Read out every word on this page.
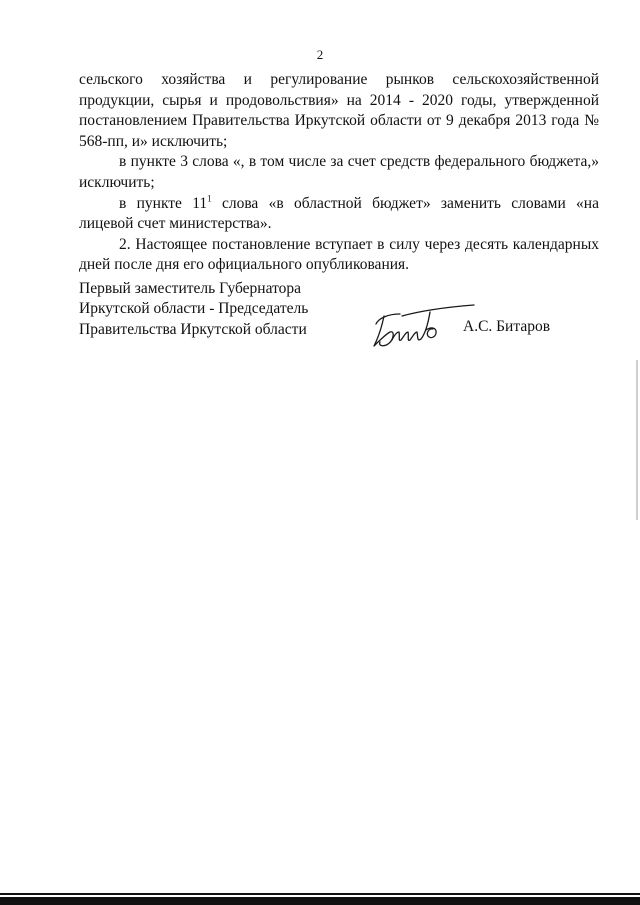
2

сельского хозяйства и регулирование рынков сельскохозяйственной продукции, сырья и продовольствия» на 2014 - 2020 годы, утвержденной постановлением Правительства Иркутской области от 9 декабря 2013 года № 568-пп, и» исключить;

в пункте 3 слова «, в том числе за счет средств федерального бюджета,» исключить;

в пункте $11^1$ слова «в областной бюджет» заменить словами «на лицевой счет министерства».

2. Настоящее постановление вступает в силу через десять календарных дней после дня его официального опубликования.

Первый заместитель Губернатора
Иркутской области - Председатель
Правительства Иркутской области	А.С. Битаров
